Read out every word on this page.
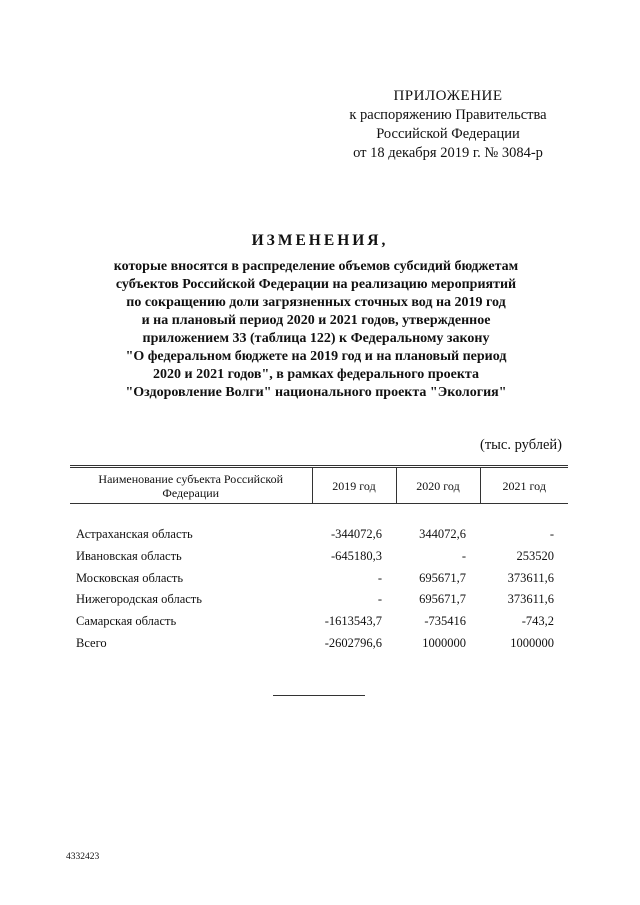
ПРИЛОЖЕНИЕ
к распоряжению Правительства
Российской Федерации
от 18 декабря 2019 г. № 3084-р
ИЗМЕНЕНИЯ,
которые вносятся в распределение объемов субсидий бюджетам
субъектов Российской Федерации на реализацию мероприятий
по сокращению доли загрязненных сточных вод на 2019 год
и на плановый период 2020 и 2021 годов, утвержденное
приложением 33 (таблица 122) к Федеральному закону
"О федеральном бюджете на 2019 год и на плановый период
2020 и 2021 годов", в рамках федерального проекта
"Оздоровление Волги" национального проекта "Экология"
(тыс. рублей)
Наименование субъекта Российской Федерации	2019 год	2020 год	2021 год

Астраханская область	-344072,6	344072,6	-
Ивановская область	-645180,3	-	253520
Московская область	-	695671,7	373611,6
Нижегородская область	-	695671,7	373611,6
Самарская область	-1613543,7	-735416	-743,2
Всего	-2602796,6	1000000	1000000
4332423
